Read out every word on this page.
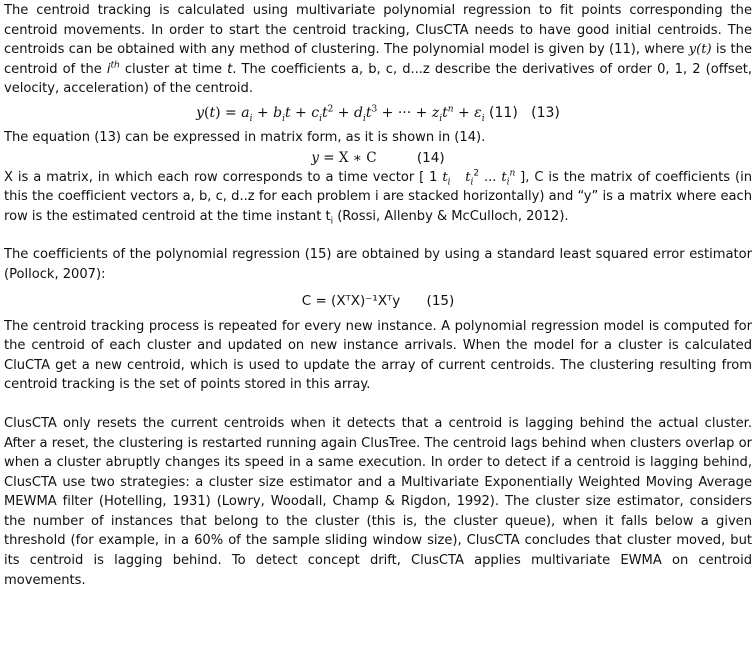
The centroid tracking is calculated using multivariate polynomial regression to fit points corresponding the centroid movements. In order to start the centroid tracking, ClusCTA needs to have good initial centroids. The centroids can be obtained with any method of clustering. The polynomial model is given by (11), where y(t) is the centroid of the $i^{th}$ cluster at time t. The coefficients a, b, c, d...z describe the derivatives of order 0, 1, 2 (offset, velocity, acceleration) of the centroid.

$y(t) = a_i + b_it + c_it^2 + d_it^3$ + ··· + $z_it^n + \varepsilon_i$ (11) (13)

The equation (13) can be expressed in matrix form, as it is shown in (14).

y = X ∗ C	(14)

X is a matrix, in which each row corresponds to a time vector [ 1 $t_i$   $t_i^2$ ... $t_i^n$ ], C is the matrix of coefficients (in this the coefficient vectors a, b, c, d..z for each problem i are stacked horizontally) and “y” is a matrix where each row is the estimated centroid at the time instant $t_i$ (Rossi, Allenby & McCulloch, 2012).

The coefficients of the polynomial regression (15) are obtained by using a standard least squared error estimator (Pollock, 2007):

C = (XᵀX)⁻¹Xᵀy (15)

The centroid tracking process is repeated for every new instance. A polynomial regression model is computed for the centroid of each cluster and updated on new instance arrivals. When the model for a cluster is calculated CluCTA get a new centroid, which is used to update the array of current centroids. The clustering resulting from centroid tracking is the set of points stored in this array.

ClusCTA only resets the current centroids when it detects that a centroid is lagging behind the actual cluster. After a reset, the clustering is restarted running again ClusTree. The centroid lags behind when clusters overlap or when a cluster abruptly changes its speed in a same execution. In order to detect if a centroid is lagging behind, ClusCTA use two strategies: a cluster size estimator and a Multivariate Exponentially Weighted Moving Average MEWMA filter (Hotelling, 1931) (Lowry, Woodall, Champ & Rigdon, 1992). The cluster size estimator, considers the number of instances that belong to the cluster (this is, the cluster queue), when it falls below a given threshold (for example, in a 60% of the sample sliding window size), ClusCTA concludes that cluster moved, but its centroid is lagging behind. To detect concept drift, ClusCTA applies multivariate EWMA on centroid movements.
